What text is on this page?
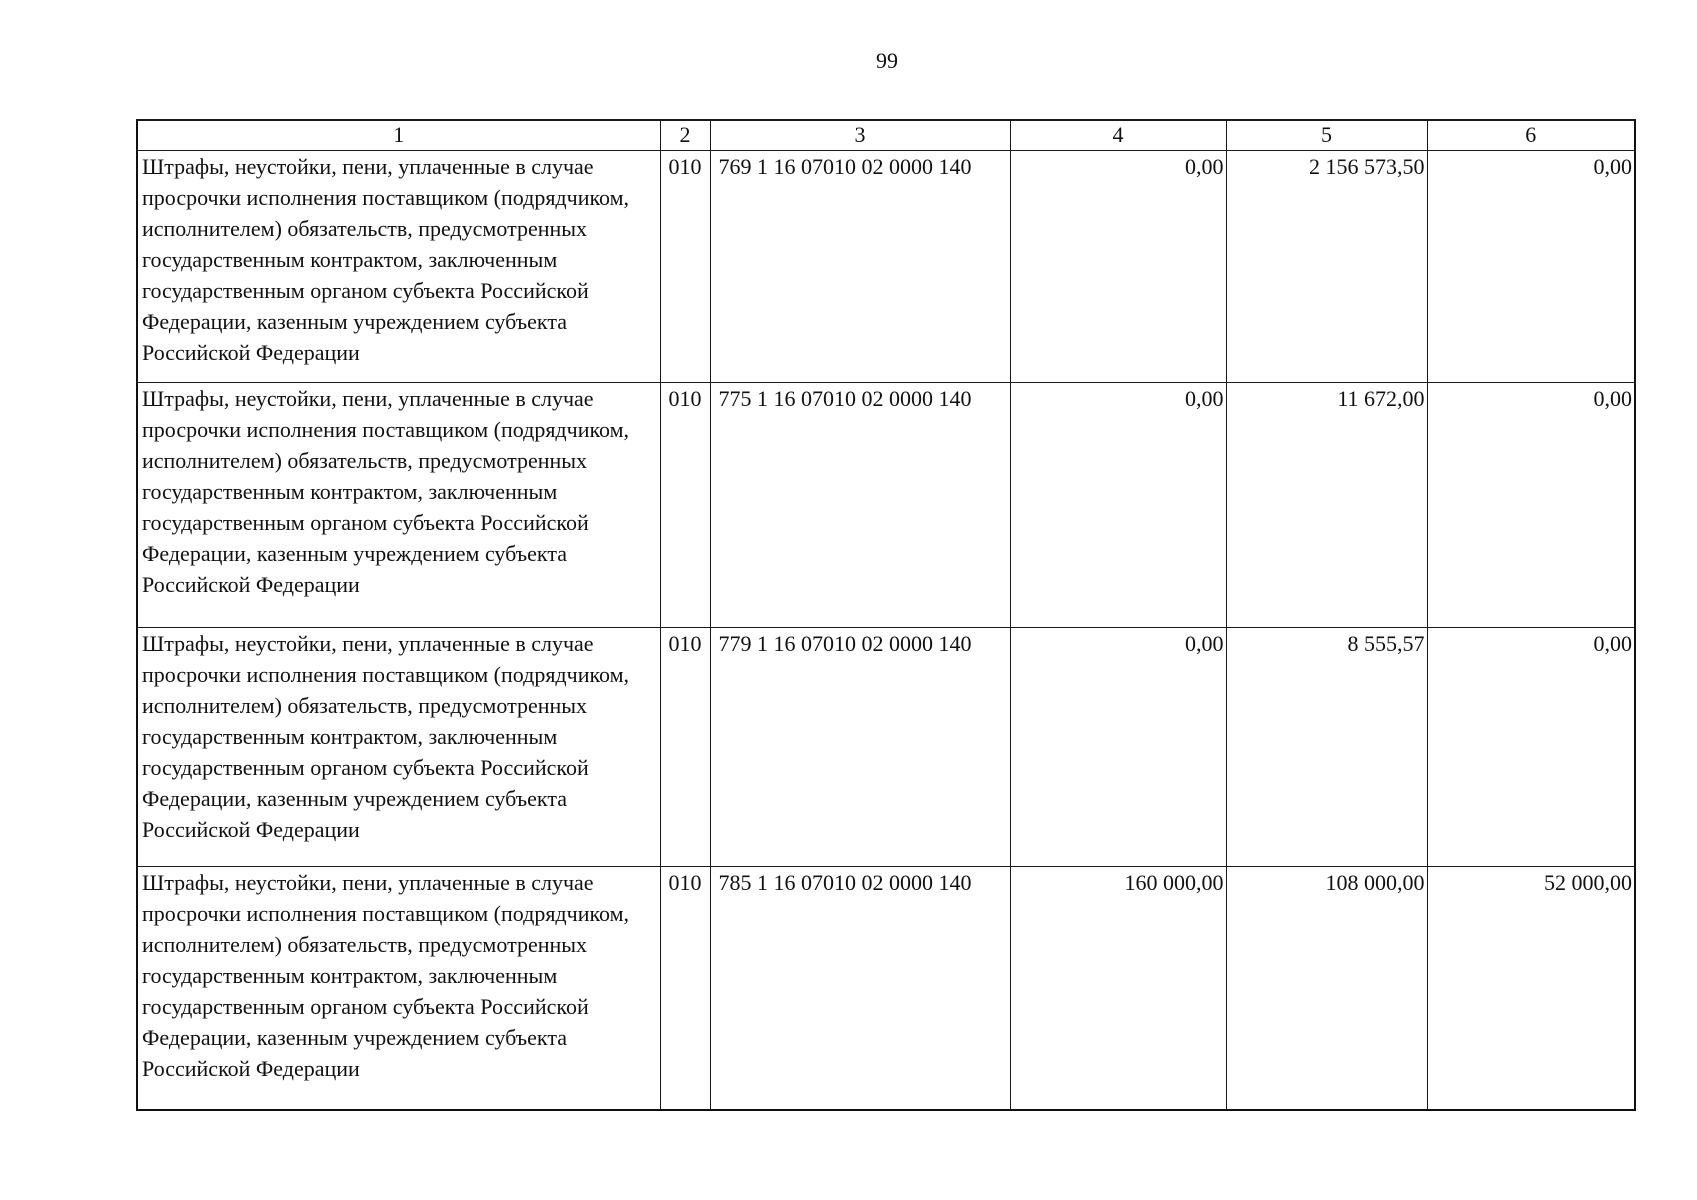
99
1	2	3	4	5	6
Штрафы, неустойки, пени, уплаченные в случае просрочки исполнения поставщиком (подрядчиком, исполнителем) обязательств, предусмотренных государственным контрактом, заключенным государственным органом субъекта Российской Федерации, казенным учреждением субъекта Российской Федерации	010	769 1 16 07010 02 0000 140	0,00	2 156 573,50	0,00
Штрафы, неустойки, пени, уплаченные в случае просрочки исполнения поставщиком (подрядчиком, исполнителем) обязательств, предусмотренных государственным контрактом, заключенным государственным органом субъекта Российской Федерации, казенным учреждением субъекта Российской Федерации	010	775 1 16 07010 02 0000 140	0,00	11 672,00	0,00
Штрафы, неустойки, пени, уплаченные в случае просрочки исполнения поставщиком (подрядчиком, исполнителем) обязательств, предусмотренных государственным контрактом, заключенным государственным органом субъекта Российской Федерации, казенным учреждением субъекта Российской Федерации	010	779 1 16 07010 02 0000 140	0,00	8 555,57	0,00
Штрафы, неустойки, пени, уплаченные в случае просрочки исполнения поставщиком (подрядчиком, исполнителем) обязательств, предусмотренных государственным контрактом, заключенным государственным органом субъекта Российской Федерации, казенным учреждением субъекта Российской Федерации	010	785 1 16 07010 02 0000 140	160 000,00	108 000,00	52 000,00
